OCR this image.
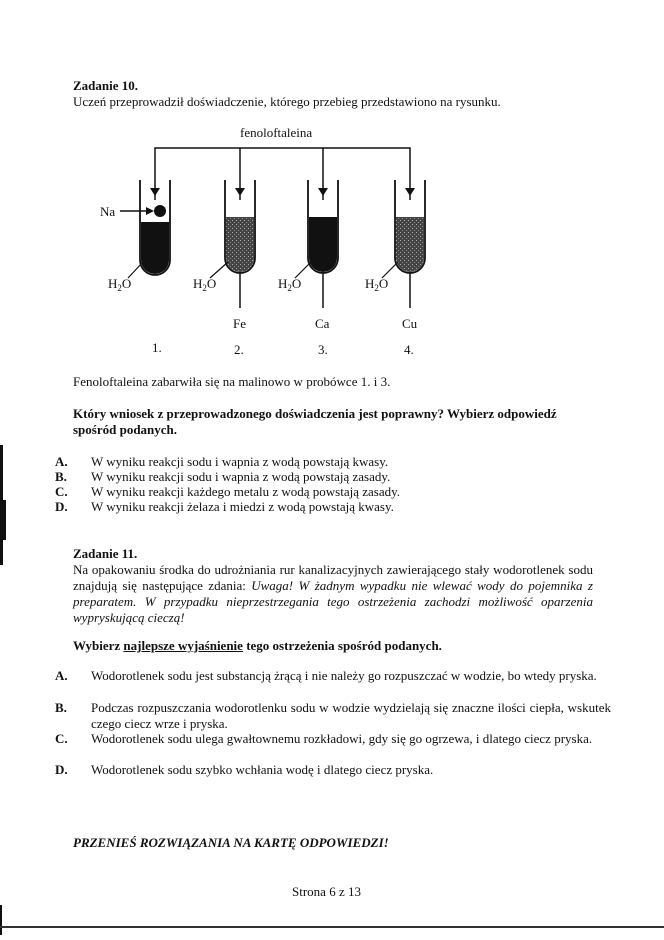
Zadanie 10.
Uczeń przeprowadził doświadczenie, którego przebieg przedstawiono na rysunku.
fenoloftaleina
Na
$H_2O$	$H_2O$	$H_2O$	$H_2O$
Fe	Ca	Cu
1.	2.	3.	4.
Fenoloftaleina zabarwiła się na malinowo w probówce 1. i 3.
Który wniosek z przeprowadzonego doświadczenia jest poprawny? Wybierz odpowiedź spośród podanych.
A. W wyniku reakcji sodu i wapnia z wodą powstają kwasy.
B. W wyniku reakcji sodu i wapnia z wodą powstają zasady.
C. W wyniku reakcji każdego metalu z wodą powstają zasady.
D. W wyniku reakcji żelaza i miedzi z wodą powstają kwasy.
Zadanie 11.
Na opakowaniu środka do udrożniania rur kanalizacyjnych zawierającego stały wodorotlenek sodu znajdują się następujące zdania: Uwaga! W żadnym wypadku nie wlewać wody do pojemnika z preparatem. W przypadku nieprzestrzegania tego ostrzeżenia zachodzi możliwość oparzenia wypryskującą cieczą!
Wybierz najlepsze wyjaśnienie tego ostrzeżenia spośród podanych.
A. Wodorotlenek sodu jest substancją żrącą i nie należy go rozpuszczać w wodzie, bo wtedy pryska.
B. Podczas rozpuszczania wodorotlenku sodu w wodzie wydzielają się znaczne ilości ciepła, wskutek czego ciecz wrze i pryska.
C. Wodorotlenek sodu ulega gwałtownemu rozkładowi, gdy się go ogrzewa, i dlatego ciecz pryska.
D. Wodorotlenek sodu szybko wchłania wodę i dlatego ciecz pryska.
PRZENIEŚ ROZWIĄZANIA NA KARTĘ ODPOWIEDZI!
Strona 6 z 13
